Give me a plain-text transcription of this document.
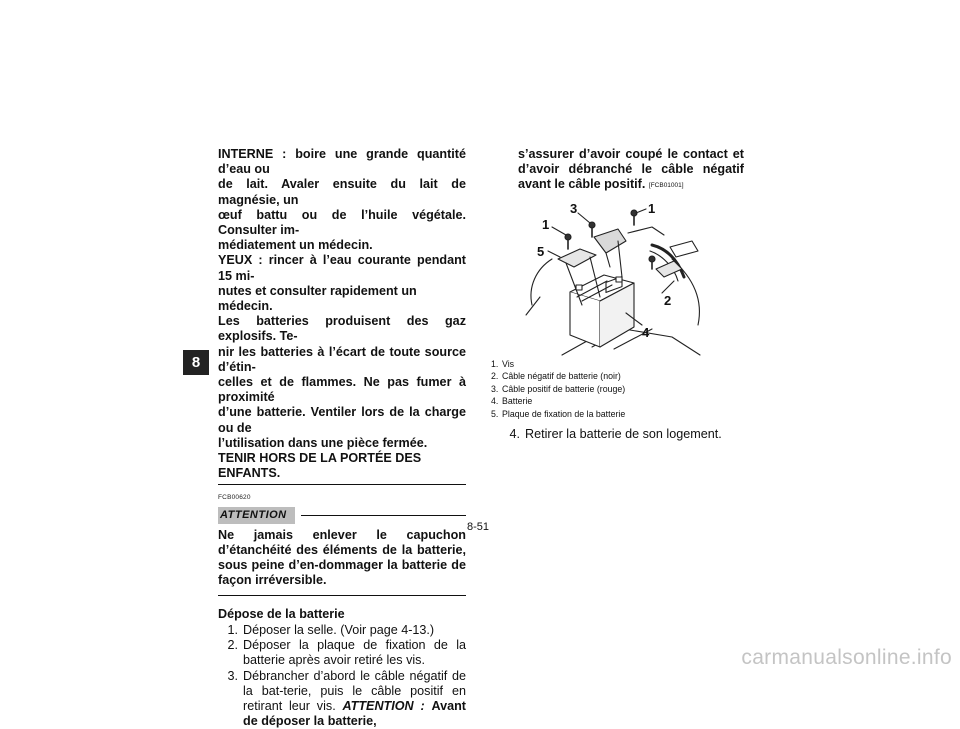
8

INTERNE : boire une grande quantité d’eau ou

de lait. Avaler ensuite du lait de magnésie, un

œuf battu ou de l’huile végétale. Consulter im-

médiatement un médecin.

YEUX : rincer à l’eau courante pendant 15 mi-

nutes et consulter rapidement un médecin.

Les batteries produisent des gaz explosifs. Te-

nir les batteries à l’écart de toute source d’étin-

celles et de flammes. Ne pas fumer à proximité

d’une batterie. Ventiler lors de la charge ou de

l’utilisation dans une pièce fermée.

TENIR HORS DE LA PORTÉE DES ENFANTS.

FCB00620
ATTENTION
Ne jamais enlever le capuchon d’étanchéité des éléments de la batterie, sous peine d’en-dommager la batterie de façon irréversible.
Dépose de la batterie
1. Déposer la selle. (Voir page 4-13.)
2. Déposer la plaque de fixation de la batterie après avoir retiré les vis.
3. Débrancher d’abord le câble négatif de la bat-terie, puis le câble positif en retirant leur vis. ATTENTION : Avant de déposer la batterie,
s’assurer d’avoir coupé le contact et d’avoir débranché le câble négatif avant le câble positif. [FCB01001]
1
5
3	1
2
4
1. Vis
2. Câble négatif de batterie (noir)
3. Câble positif de batterie (rouge)
4. Batterie
5. Plaque de fixation de la batterie
4. Retirer la batterie de son logement.
8-51
carmanualsonline.info
